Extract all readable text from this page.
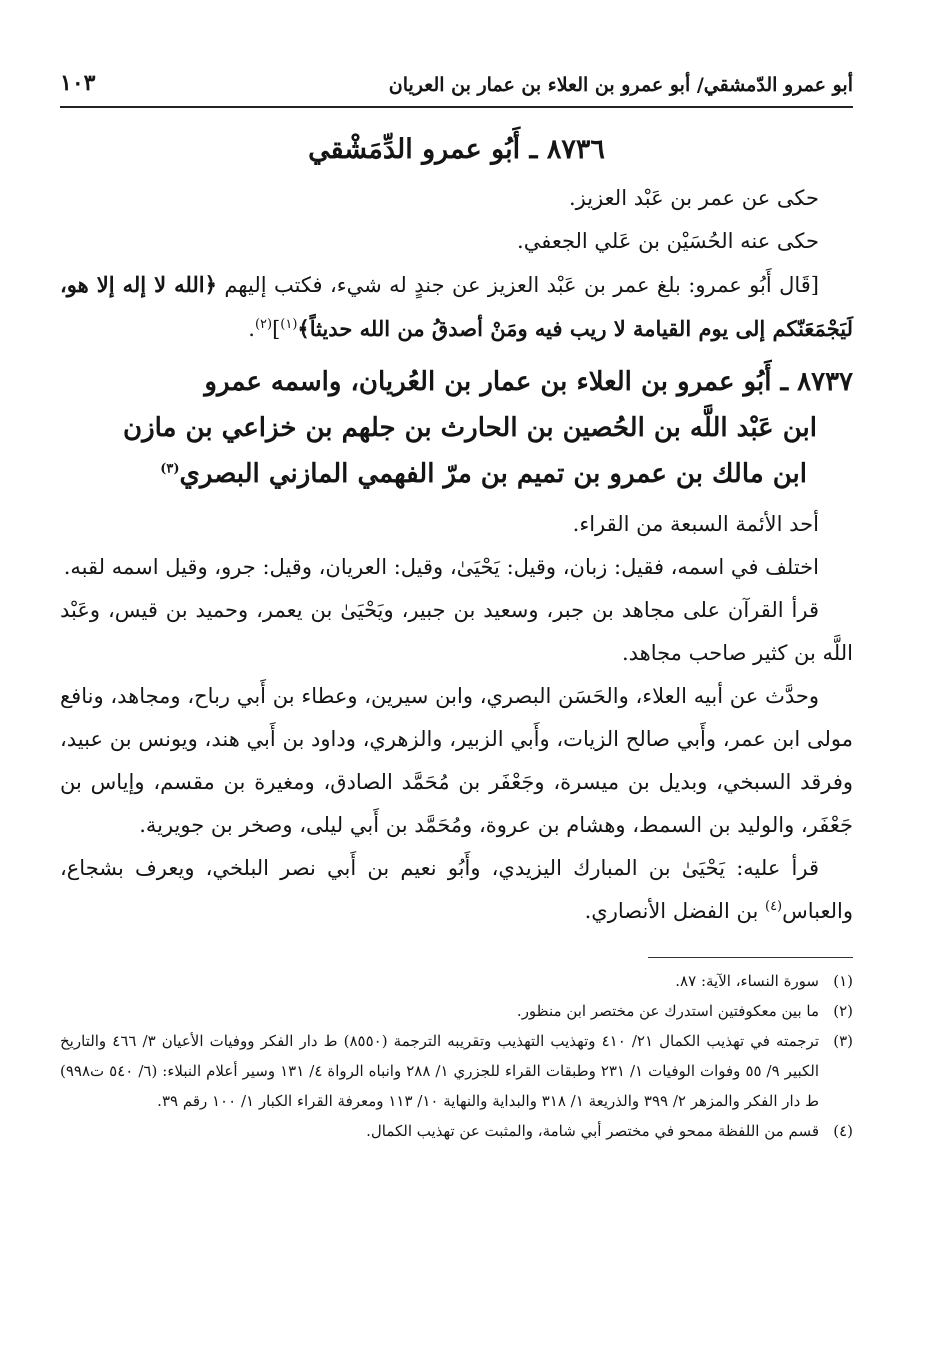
أبو عمرو الدّمشقي/ أبو عمرو بن العلاء بن عمار بن العريان
١٠٣
٨٧٣٦ ـ أَبُو عمرو الدِّمَشْقي

حكى عن عمر بن عَبْد العزيز.

حكى عنه الحُسَيْن بن عَلي الجعفي.

[قَال أَبُو عمرو: بلغ عمر بن عَبْد العزيز عن جندٍ له شيء، فكتب إليهم ﴿الله لا إله إلا هو، لَيَجْمَعَنّكم إلى يوم القيامة لا ريب فيه ومَنْ أصدقُ من الله حديثاً﴾$^{(١)}$]$^{(٢)}$.

٨٧٣٧ ـ أَبُو عمرو بن العلاء بن عمار بن العُريان، واسمه عمرو
ابن عَبْد اللَّه بن الحُصين بن الحارث بن جلهم بن خزاعي بن مازن
ابن مالك بن عمرو بن تميم بن مرّ الفهمي المازني البصري$^{(٣)}$

أحد الأئمة السبعة من القراء.

اختلف في اسمه، فقيل: زبان، وقيل: يَحْيَىٰ، وقيل: العريان، وقيل: جرو، وقيل اسمه لقبه.

قرأ القرآن على مجاهد بن جبر، وسعيد بن جبير، ويَحْيَىٰ بن يعمر، وحميد بن قيس، وعَبْد اللَّه بن كثير صاحب مجاهد.

وحدَّث عن أبيه العلاء، والحَسَن البصري، وابن سيرين، وعطاء بن أَبي رباح، ومجاهد، ونافع مولى ابن عمر، وأَبي صالح الزيات، وأَبي الزبير، والزهري، وداود بن أَبي هند، ويونس بن عبيد، وفرقد السبخي، وبديل بن ميسرة، وجَعْفَر بن مُحَمَّد الصادق، ومغيرة بن مقسم، وإياس بن جَعْفَر، والوليد بن السمط، وهشام بن عروة، ومُحَمَّد بن أَبي ليلى، وصخر بن جويرية.

قرأ عليه: يَحْيَىٰ بن المبارك اليزيدي، وأَبُو نعيم بن أَبي نصر البلخي، ويعرف بشجاع، والعباس$^{(٤)}$ بن الفضل الأنصاري.

(١)
سورة النساء، الآية: ٨٧.
(٢)
ما بين معكوفتين استدرك عن مختصر ابن منظور.
(٣)
ترجمته في تهذيب الكمال ٢١/ ٤١٠ وتهذيب التهذيب وتقريبه الترجمة (٨٥٥٠) ط دار الفكر ووفيات الأعيان ٣/ ٤٦٦ والتاريخ الكبير ٩/ ٥٥ وفوات الوفيات ١/ ٢٣١ وطبقات القراء للجزري ١/ ٢٨٨ وانباه الرواة ٤/ ١٣١ وسير أعلام النبلاء: (٦/ ٥٤٠ ت٩٩٨) ط دار الفكر والمزهر ٢/ ٣٩٩ والذريعة ١/ ٣١٨ والبداية والنهاية ١٠/ ١١٣ ومعرفة القراء الكبار ١/ ١٠٠ رقم ٣٩.
(٤)
قسم من اللفظة ممحو في مختصر أبي شامة، والمثبت عن تهذيب الكمال.
